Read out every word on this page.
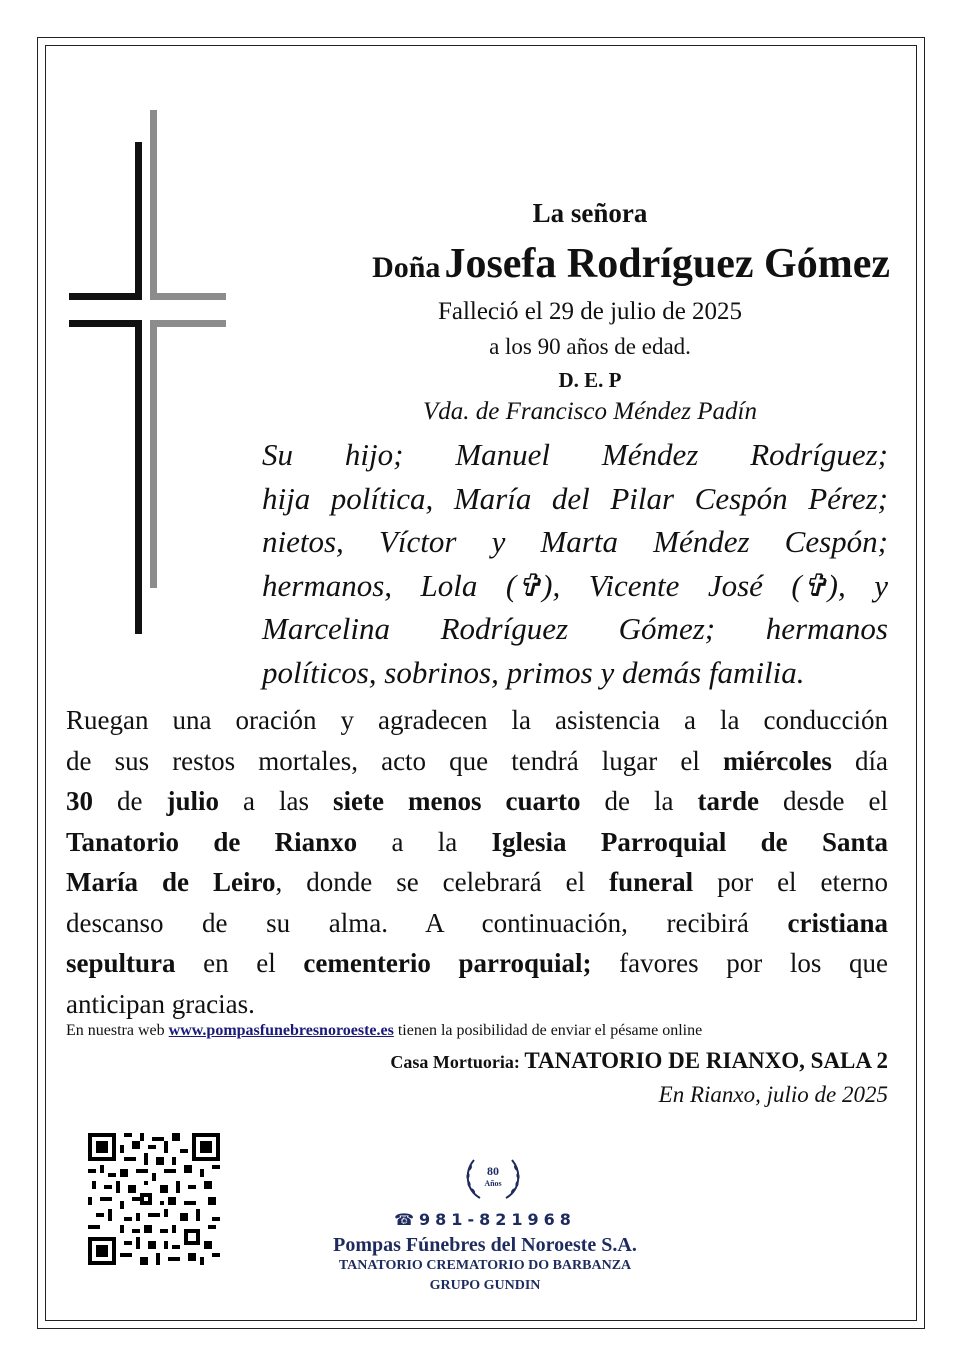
La señora
Doña Josefa Rodríguez Gómez
Falleció el 29 de julio de 2025
a los 90 años de edad.
D. E. P
Vda. de Francisco Méndez Padín
Su hijo; Manuel Méndez Rodríguez;
hija política, María del Pilar Cespón Pérez;
nietos, Víctor y Marta Méndez Cespón;
hermanos, Lola (✞), Vicente José (✞), y
Marcelina Rodríguez Gómez; hermanos
políticos, sobrinos, primos y demás familia.
Ruegan una oración y agradecen la asistencia a la conducción
de sus restos mortales, acto que tendrá lugar el miércoles día
30 de julio a las siete menos cuarto de la tarde desde el
Tanatorio de Rianxo a la Iglesia Parroquial de Santa
María de Leiro, donde se celebrará el funeral por el eterno
descanso de su alma. A continuación, recibirá cristiana
sepultura en el cementerio parroquial; favores por los que
anticipan gracias.
En nuestra web www.pompasfunebresnoroeste.es tienen la posibilidad de enviar el pésame online
Casa Mortuoria: TANATORIO DE RIANXO, SALA 2
En Rianxo, julio de 2025
80
Años
☎981-821968
Pompas Fúnebres del Noroeste S.A.
TANATORIO CREMATORIO DO BARBANZA
GRUPO GUNDIN
